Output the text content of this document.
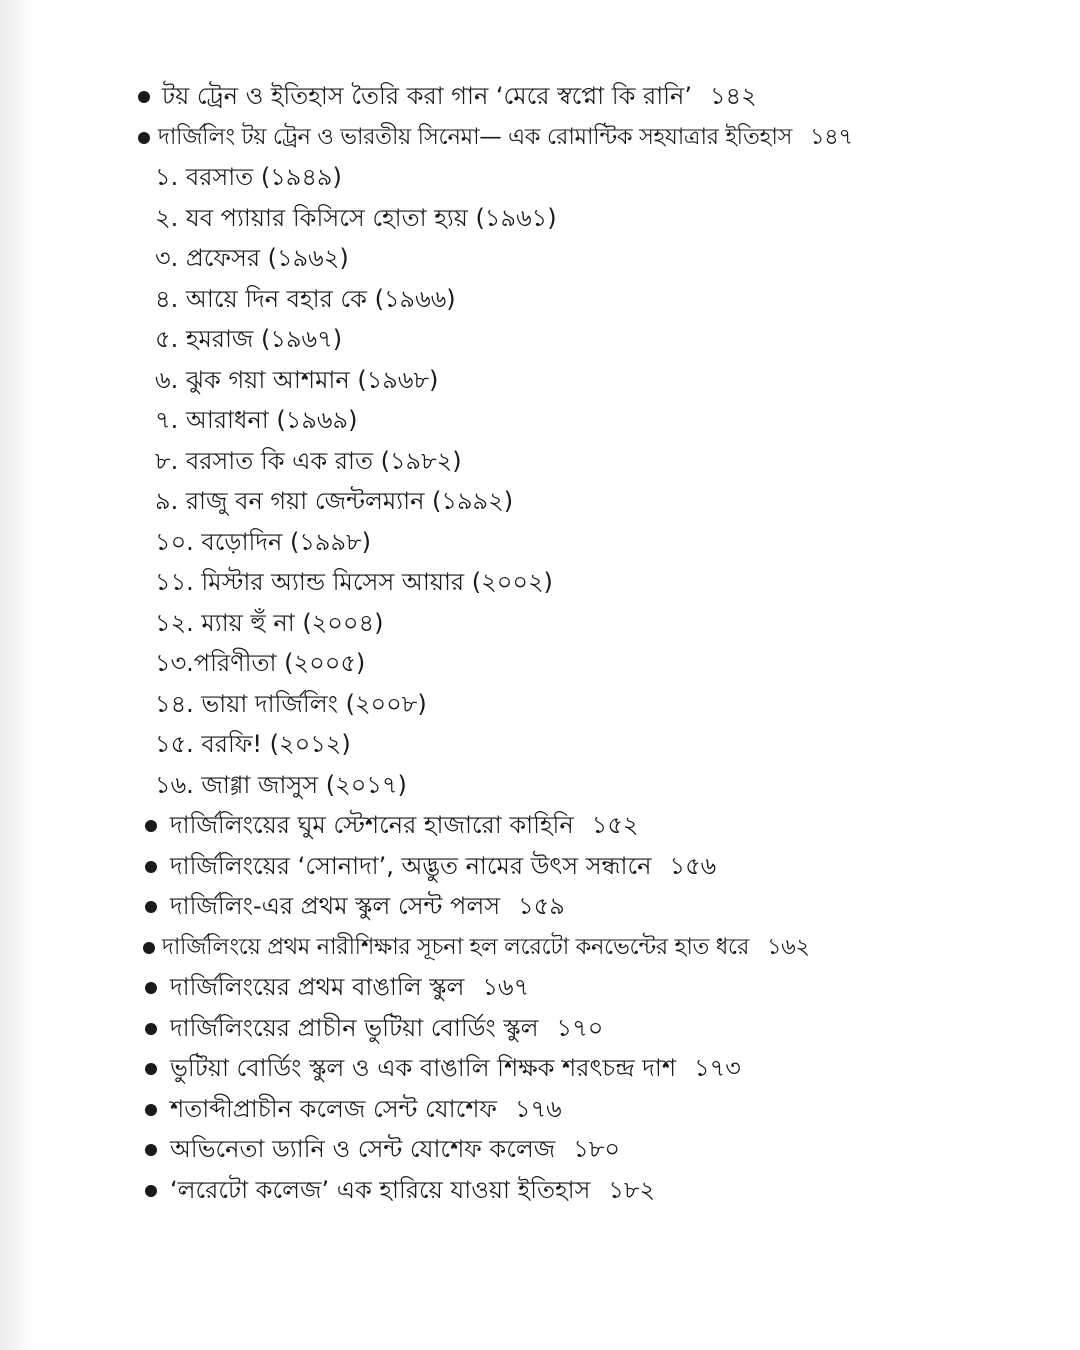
টয় ট্রেন ও ইতিহাস তৈরি করা গান ‘মেরে স্বপ্নো কি রানি’ ১৪২
দার্জিলিং টয় ট্রেন ও ভারতীয় সিনেমা— এক রোমান্টিক সহযাত্রার ইতিহাস ১৪৭
১. বরসাত (১৯৪৯)
২. যব প্যায়ার কিসিসে হোতা হ্যয় (১৯৬১)
৩. প্রফেসর (১৯৬২)
৪. আয়ে দিন বহার কে (১৯৬৬)
৫. হমরাজ (১৯৬৭)
৬. ঝুক গয়া আশমান (১৯৬৮)
৭. আরাধনা (১৯৬৯)
৮. বরসাত কি এক রাত (১৯৮২)
৯. রাজু বন গয়া জেন্টলম্যান (১৯৯২)
১০. বড়োদিন (১৯৯৮)
১১. মিস্টার অ্যান্ড মিসেস আয়ার (২০০২)
১২. ম্যায় হুঁ না (২০০৪)
১৩.পরিণীতা (২০০৫)
১৪. ভায়া দার্জিলিং (২০০৮)
১৫. বরফি! (২০১২)
১৬. জাগ্গা জাসুস (২০১৭)
দার্জিলিংয়ের ঘুম স্টেশনের হাজারো কাহিনি ১৫২
দার্জিলিংয়ের ‘সোনাদা’, অদ্ভুত নামের উৎস সন্ধানে ১৫৬
দার্জিলিং-এর প্রথম স্কুল সেন্ট পলস ১৫৯
দার্জিলিংয়ে প্রথম নারীশিক্ষার সূচনা হল লরেটো কনভেন্টের হাত ধরে ১৬২
দার্জিলিংয়ের প্রথম বাঙালি স্কুল ১৬৭
দার্জিলিংয়ের প্রাচীন ভুটিয়া বোর্ডিং স্কুল ১৭০
ভুটিয়া বোর্ডিং স্কুল ও এক বাঙালি শিক্ষক শরৎচন্দ্র দাশ ১৭৩
শতাব্দীপ্রাচীন কলেজ সেন্ট যোশেফ ১৭৬
অভিনেতা ড্যানি ও সেন্ট যোশেফ কলেজ ১৮০
‘লরেটো কলেজ’ এক হারিয়ে যাওয়া ইতিহাস ১৮২
